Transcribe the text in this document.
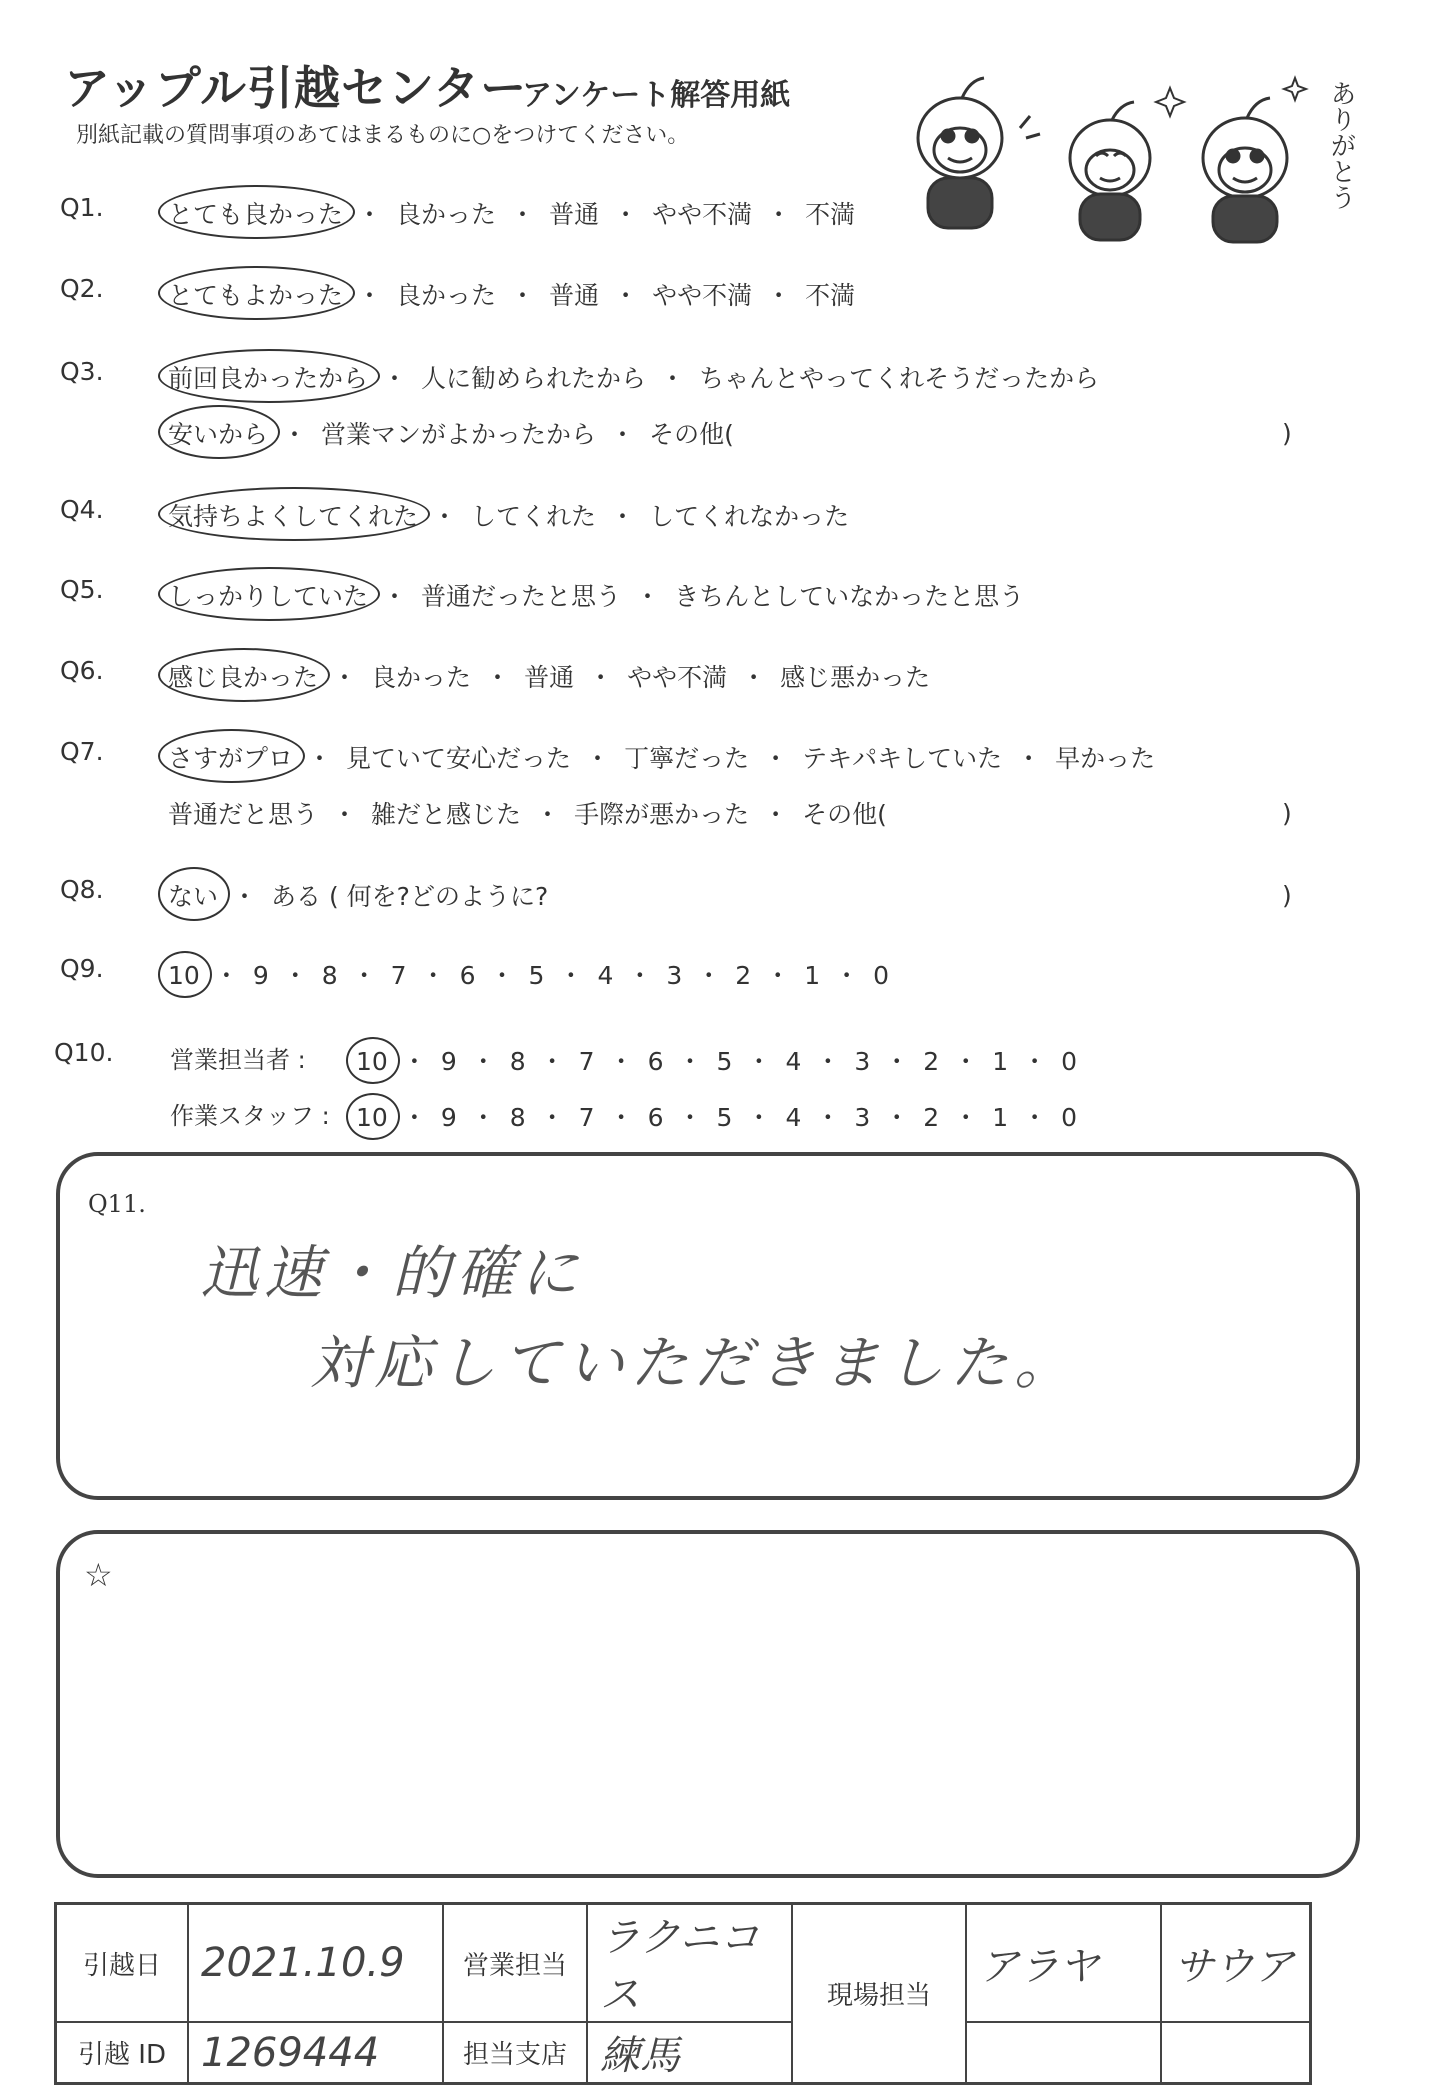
アップル引越センター
アンケート解答用紙
別紙記載の質問事項のあてはまるものに○をつけてください。	ありがとう
Q1.	とても良かった ・ 良かった ・ 普通 ・ やや不満 ・ 不満
Q2.	とてもよかった ・ 良かった ・ 普通 ・ やや不満 ・ 不満
Q3.	前回良かったから ・ 人に勧められたから ・ ちゃんとやってくれそうだったから
安いから ・ 営業マンがよかったから ・ その他(	)
Q4.	気持ちよくしてくれた ・ してくれた ・ してくれなかった
Q5.	しっかりしていた ・ 普通だったと思う ・ きちんとしていなかったと思う
Q6.	感じ良かった ・ 良かった ・ 普通 ・ やや不満 ・ 感じ悪かった
Q7.	さすがプロ ・ 見ていて安心だった ・ 丁寧だった ・ テキパキしていた ・ 早かった
普通だと思う ・ 雑だと感じた ・ 手際が悪かった ・ その他(	)
Q8.	ない ・ ある ( 何を?どのように?	)
Q9.	10 ・ 9 ・ 8 ・ 7 ・ 6 ・ 5 ・ 4 ・ 3 ・ 2 ・ 1 ・ 0
Q10. 営業担当者 : 10 ・ 9 ・ 8 ・ 7 ・ 6 ・ 5 ・ 4 ・ 3 ・ 2 ・ 1 ・ 0
作業スタッフ : 10 ・ 9 ・ 8 ・ 7 ・ 6 ・ 5 ・ 4 ・ 3 ・ 2 ・ 1 ・ 0
Q11.
迅速・的確に
対応していただきました。
☆
引越日	2021.10.9	営業担当	ラクニコス	現場担当	アラヤ	サウア
引越 ID	1269444	担当支店	練馬			
